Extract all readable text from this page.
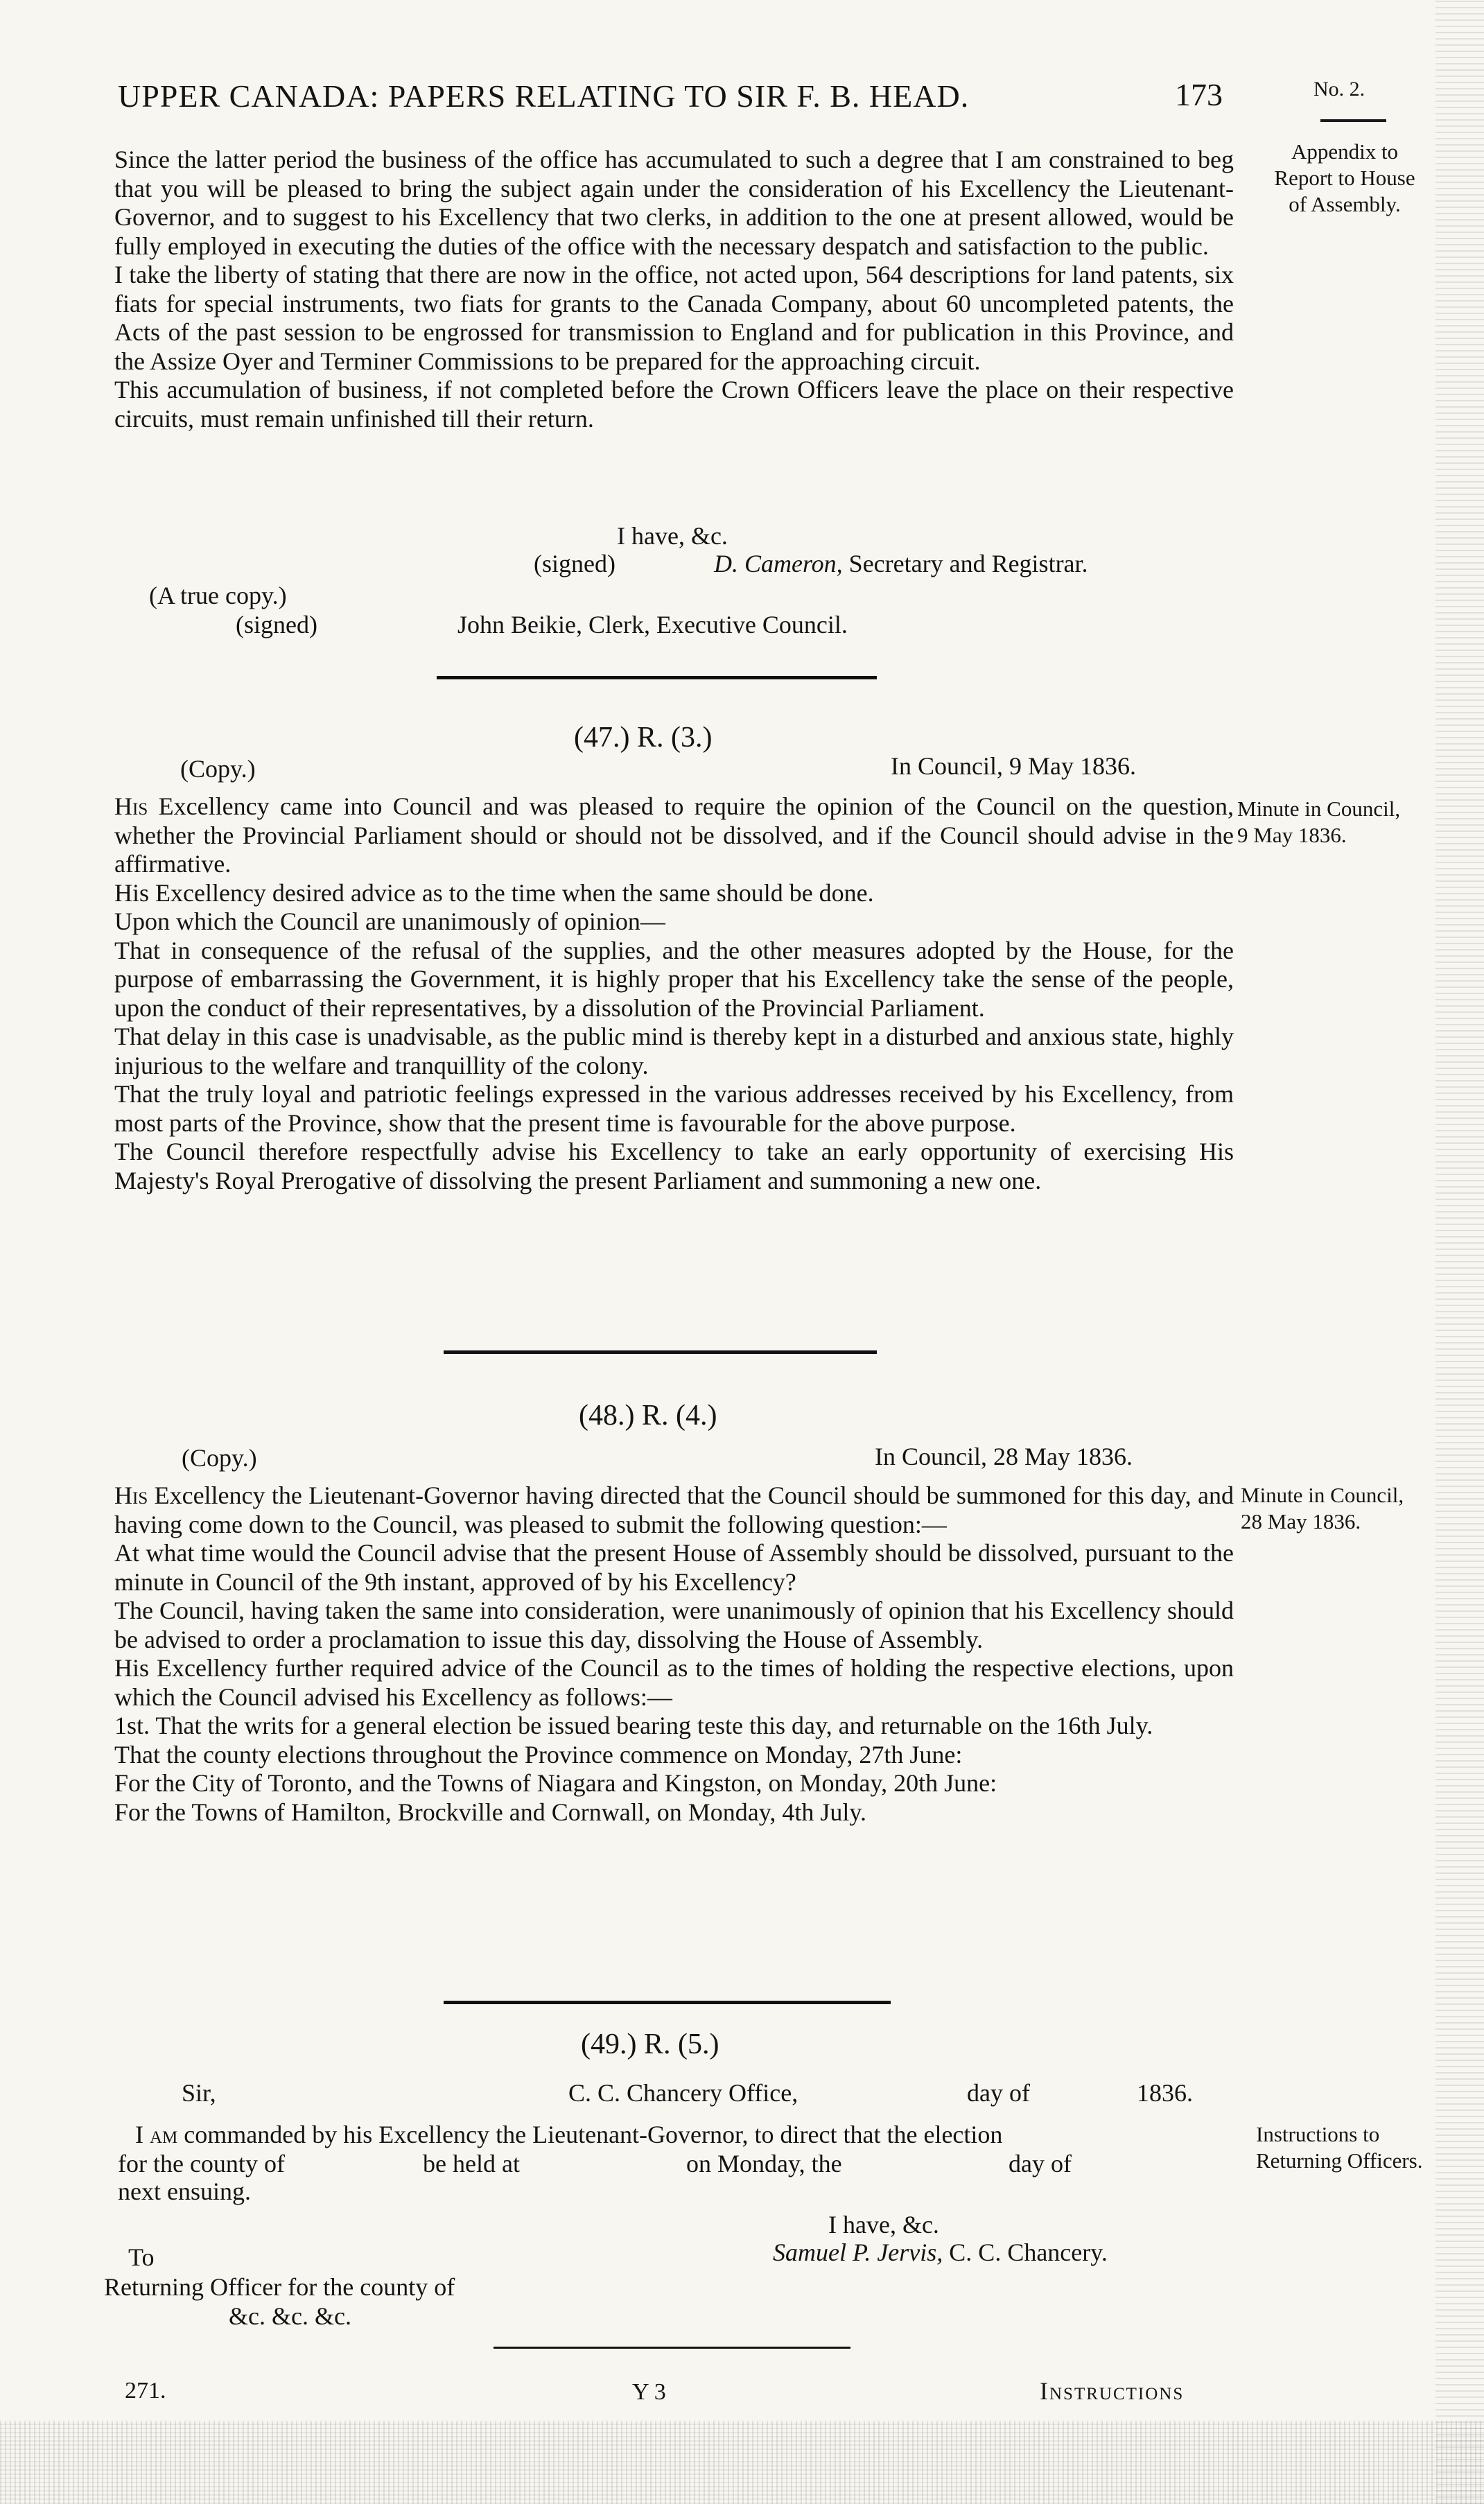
UPPER CANADA: PAPERS RELATING TO SIR F. B. HEAD.	173	No. 2.
Appendix to
Report to House
of Assembly.

Since the latter period the business of the office has accumulated to such a degree that I am constrained to beg that you will be pleased to bring the subject again under the consideration of his Excellency the Lieutenant-Governor, and to suggest to his Excellency that two clerks, in addition to the one at present allowed, would be fully employed in executing the duties of the office with the necessary despatch and satisfaction to the public.

I take the liberty of stating that there are now in the office, not acted upon, 564 descriptions for land patents, six fiats for special instruments, two fiats for grants to the Canada Company, about 60 uncompleted patents, the Acts of the past session to be engrossed for transmission to England and for publication in this Province, and the Assize Oyer and Terminer Commissions to be prepared for the approaching circuit.

This accumulation of business, if not completed before the Crown Officers leave the place on their respective circuits, must remain unfinished till their return.

I have, &c.
(signed)	D. Cameron, Secretary and Registrar.
(A true copy.)
(signed)	John Beikie, Clerk, Executive Council.
(47.) R. (3.)
(Copy.)	In Council, 9 May 1836.
Minute in Council,
9 May 1836.

His Excellency came into Council and was pleased to require the opinion of the Council on the question, whether the Provincial Parliament should or should not be dissolved, and if the Council should advise in the affirmative.

His Excellency desired advice as to the time when the same should be done.

Upon which the Council are unanimously of opinion—

That in consequence of the refusal of the supplies, and the other measures adopted by the House, for the purpose of embarrassing the Government, it is highly proper that his Excellency take the sense of the people, upon the conduct of their representatives, by a dissolution of the Provincial Parliament.

That delay in this case is unadvisable, as the public mind is thereby kept in a disturbed and anxious state, highly injurious to the welfare and tranquillity of the colony.

That the truly loyal and patriotic feelings expressed in the various addresses received by his Excellency, from most parts of the Province, show that the present time is favourable for the above purpose.

The Council therefore respectfully advise his Excellency to take an early opportunity of exercising His Majesty's Royal Prerogative of dissolving the present Parliament and summoning a new one.

(48.) R. (4.)
(Copy.)	In Council, 28 May 1836.
Minute in Council,
28 May 1836.

His Excellency the Lieutenant-Governor having directed that the Council should be summoned for this day, and having come down to the Council, was pleased to submit the following question:—

At what time would the Council advise that the present House of Assembly should be dissolved, pursuant to the minute in Council of the 9th instant, approved of by his Excellency?

The Council, having taken the same into consideration, were unanimously of opinion that his Excellency should be advised to order a proclamation to issue this day, dissolving the House of Assembly.

His Excellency further required advice of the Council as to the times of holding the respective elections, upon which the Council advised his Excellency as follows:—

1st. That the writs for a general election be issued bearing teste this day, and returnable on the 16th July.

That the county elections throughout the Province commence on Monday, 27th June:

For the City of Toronto, and the Towns of Niagara and Kingston, on Monday, 20th June:

For the Towns of Hamilton, Brockville and Cornwall, on Monday, 4th July.

(49.) R. (5.)
Sir,	C. C. Chancery Office,	day of	1836.
Instructions to
Returning Officers.
I am commanded by his Excellency the Lieutenant-Governor, to direct that the election
for the county of	be held at	on Monday, the	day of
next ensuing.
I have, &c.
Samuel P. Jervis, C. C. Chancery.
To
Returning Officer for the county of
&c. &c. &c.
271.	Y 3	Instructions
